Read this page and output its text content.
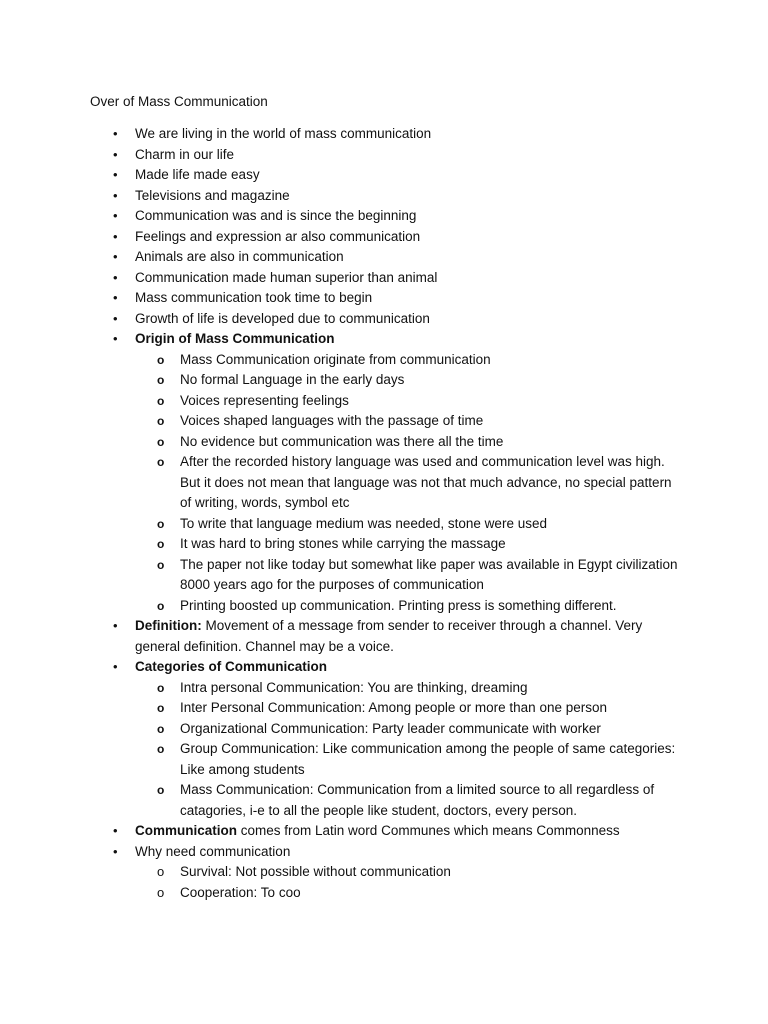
Over of Mass Communication
• We are living in the world of mass communication
• Charm in our life
• Made life made easy
• Televisions and magazine
• Communication was and is since the beginning
• Feelings and expression ar also communication
• Animals are also in communication
• Communication made human superior than animal
• Mass communication took time to begin
• Growth of life is developed due to communication
• Origin of Mass Communication
o Mass Communication originate from communication
o No formal Language in the early days
o Voices representing feelings
o Voices shaped languages with the passage of time
o No evidence but communication was there all the time
o After the recorded history language was used and communication level was high. But it does not mean that language was not that much advance, no special pattern of writing, words, symbol etc
o To write that language medium was needed, stone were used
o It was hard to bring stones while carrying the massage
o The paper not like today but somewhat like paper was available in Egypt civilization 8000 years ago for the purposes of communication
o Printing boosted up communication. Printing press is something different.
• Definition: Movement of a message from sender to receiver through a channel. Very general definition. Channel may be a voice.
• Categories of Communication
o Intra personal Communication: You are thinking, dreaming
o Inter Personal Communication: Among people or more than one person
o Organizational Communication: Party leader communicate with worker
o Group Communication: Like communication among the people of same categories: Like among students
o Mass Communication: Communication from a limited source to all regardless of catagories, i-e to all the people like student, doctors, every person.
• Communication comes from Latin word Communes which means Commonness
• Why need communication
o Survival: Not possible without communication
o Cooperation: To coo
